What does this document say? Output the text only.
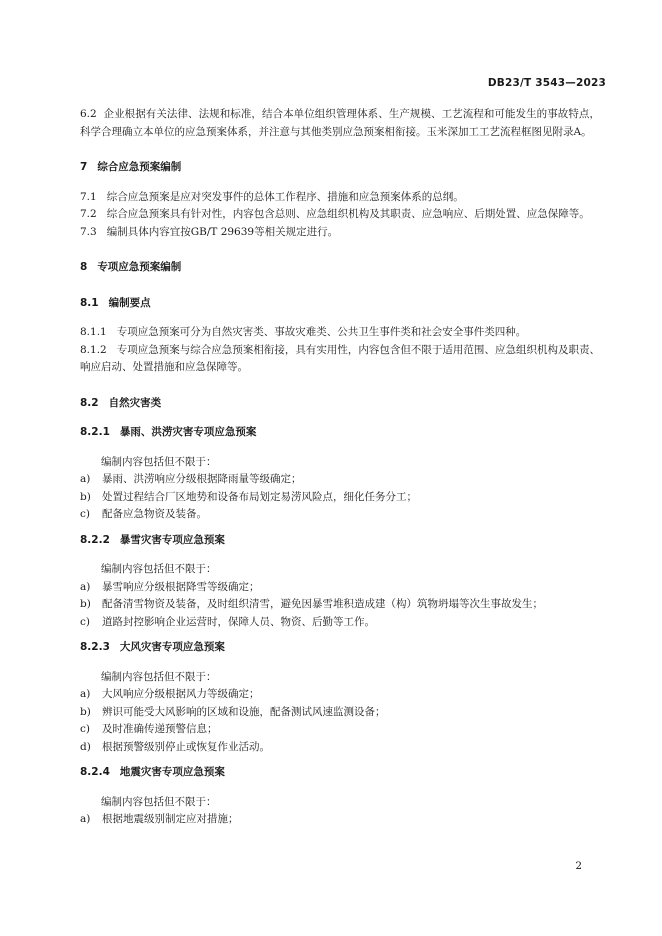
DB23/T 3543—2023

6.2 企业根据有关法律、法规和标准，结合本单位组织管理体系、生产规模、工艺流程和可能发生的事故特点，科学合理确立本单位的应急预案体系，并注意与其他类别应急预案相衔接。玉米深加工工艺流程框图见附录A。

7 综合应急预案编制

7.1 综合应急预案是应对突发事件的总体工作程序、措施和应急预案体系的总纲。

7.2 综合应急预案具有针对性，内容包含总则、应急组织机构及其职责、应急响应、后期处置、应急保障等。

7.3 编制具体内容宜按GB/T 29639等相关规定进行。

8 专项应急预案编制

8.1 编制要点

8.1.1 专项应急预案可分为自然灾害类、事故灾难类、公共卫生事件类和社会安全事件类四种。

8.1.2 专项应急预案与综合应急预案相衔接，具有实用性，内容包含但不限于适用范围、应急组织机构及职责、响应启动、处置措施和应急保障等。

8.2 自然灾害类

8.2.1 暴雨、洪涝灾害专项应急预案

编制内容包括但不限于：

a)	暴雨、洪涝响应分级根据降雨量等级确定；

b)	处置过程结合厂区地势和设备布局划定易涝风险点，细化任务分工；

c)	配备应急物资及装备。

8.2.2 暴雪灾害专项应急预案

编制内容包括但不限于：

a)	暴雪响应分级根据降雪等级确定；

b)	配备清雪物资及装备，及时组织清雪，避免因暴雪堆积造成建（构）筑物坍塌等次生事故发生；

c)	道路封控影响企业运营时，保障人员、物资、后勤等工作。

8.2.3 大风灾害专项应急预案

编制内容包括但不限于：

a)	大风响应分级根据风力等级确定；

b)	辨识可能受大风影响的区域和设施，配备测试风速监测设备；

c)	及时准确传递预警信息；

d)	根据预警级别停止或恢复作业活动。

8.2.4 地震灾害专项应急预案

编制内容包括但不限于：

a)	根据地震级别制定应对措施；

2
